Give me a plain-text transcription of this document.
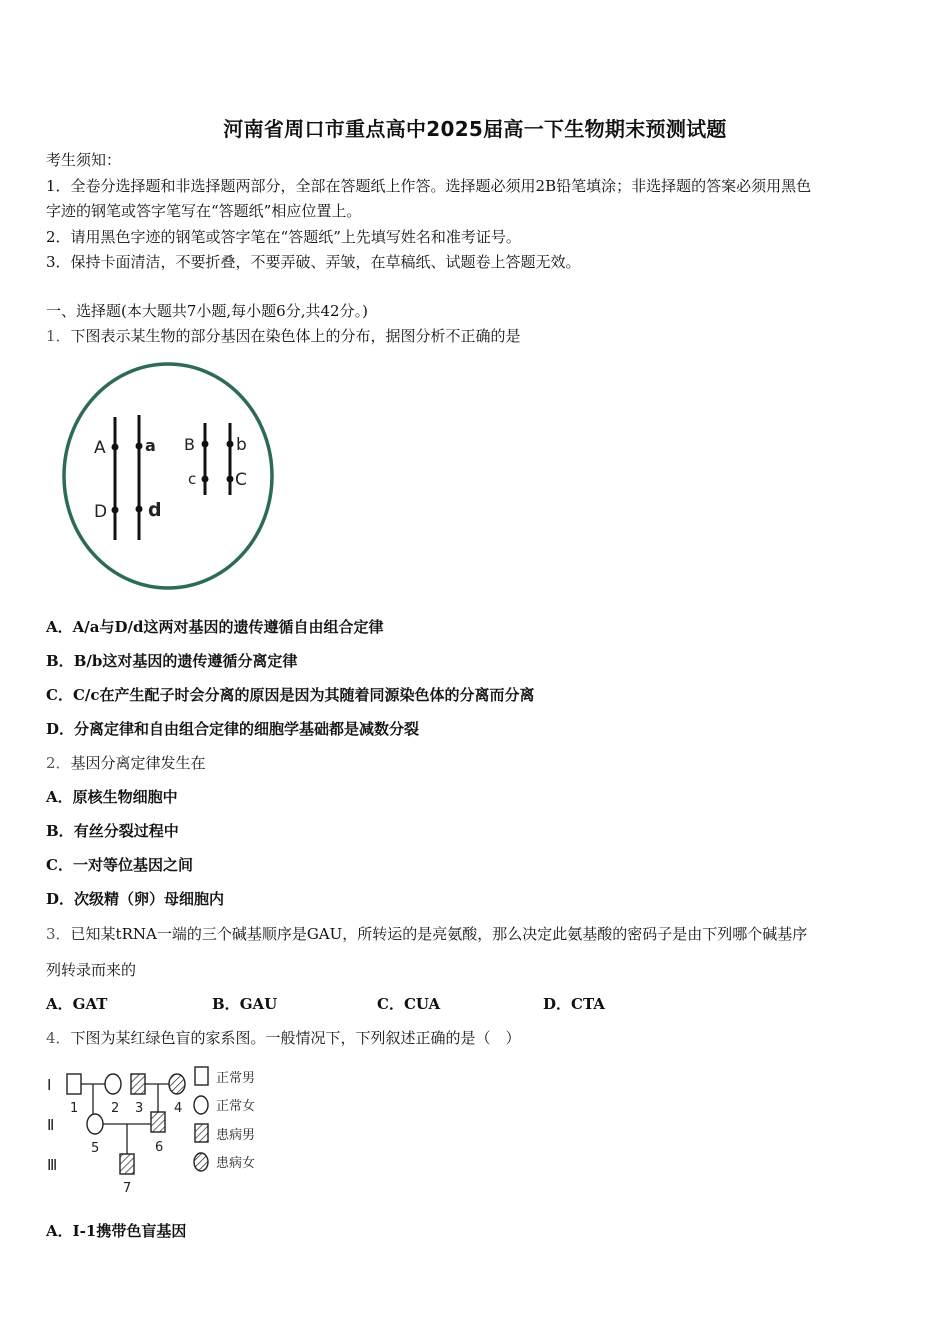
河南省周口市重点高中2025届高一下生物期末预测试题
考生须知：
1．全卷分选择题和非选择题两部分，全部在答题纸上作答。选择题必须用2B铅笔填涂；非选择题的答案必须用黑色
字迹的钢笔或答字笔写在“答题纸”相应位置上。
2．请用黑色字迹的钢笔或答字笔在“答题纸”上先填写姓名和准考证号。
3．保持卡面清洁，不要折叠，不要弄破、弄皱，在草稿纸、试题卷上答题无效。
一、选择题(本大题共7小题,每小题6分,共42分。)
1．下图表示某生物的部分基因在染色体上的分布，据图分析不正确的是
A a
D d
B b
c C
A．A/a与D/d这两对基因的遗传遵循自由组合定律
B．B/b这对基因的遗传遵循分离定律
C．C/c在产生配子时会分离的原因是因为其随着同源染色体的分离而分离
D．分离定律和自由组合定律的细胞学基础都是减数分裂
2．基因分离定律发生在
A．原核生物细胞中
B．有丝分裂过程中
C．一对等位基因之间
D．次级精（卵）母细胞内
3．已知某tRNA一端的三个碱基顺序是GAU，所转运的是亮氨酸，那么决定此氨基酸的密码子是由下列哪个碱基序
列转录而来的
A．GAT	B．GAU	C．CUA	D．CTA
4．下图为某红绿色盲的家系图。一般情况下，下列叙述正确的是（　）
Ⅰ
Ⅱ
Ⅲ
1	2 3 4
5	6
7
正常男
正常女
患病男
患病女
A．Ⅰ-1携带色盲基因
